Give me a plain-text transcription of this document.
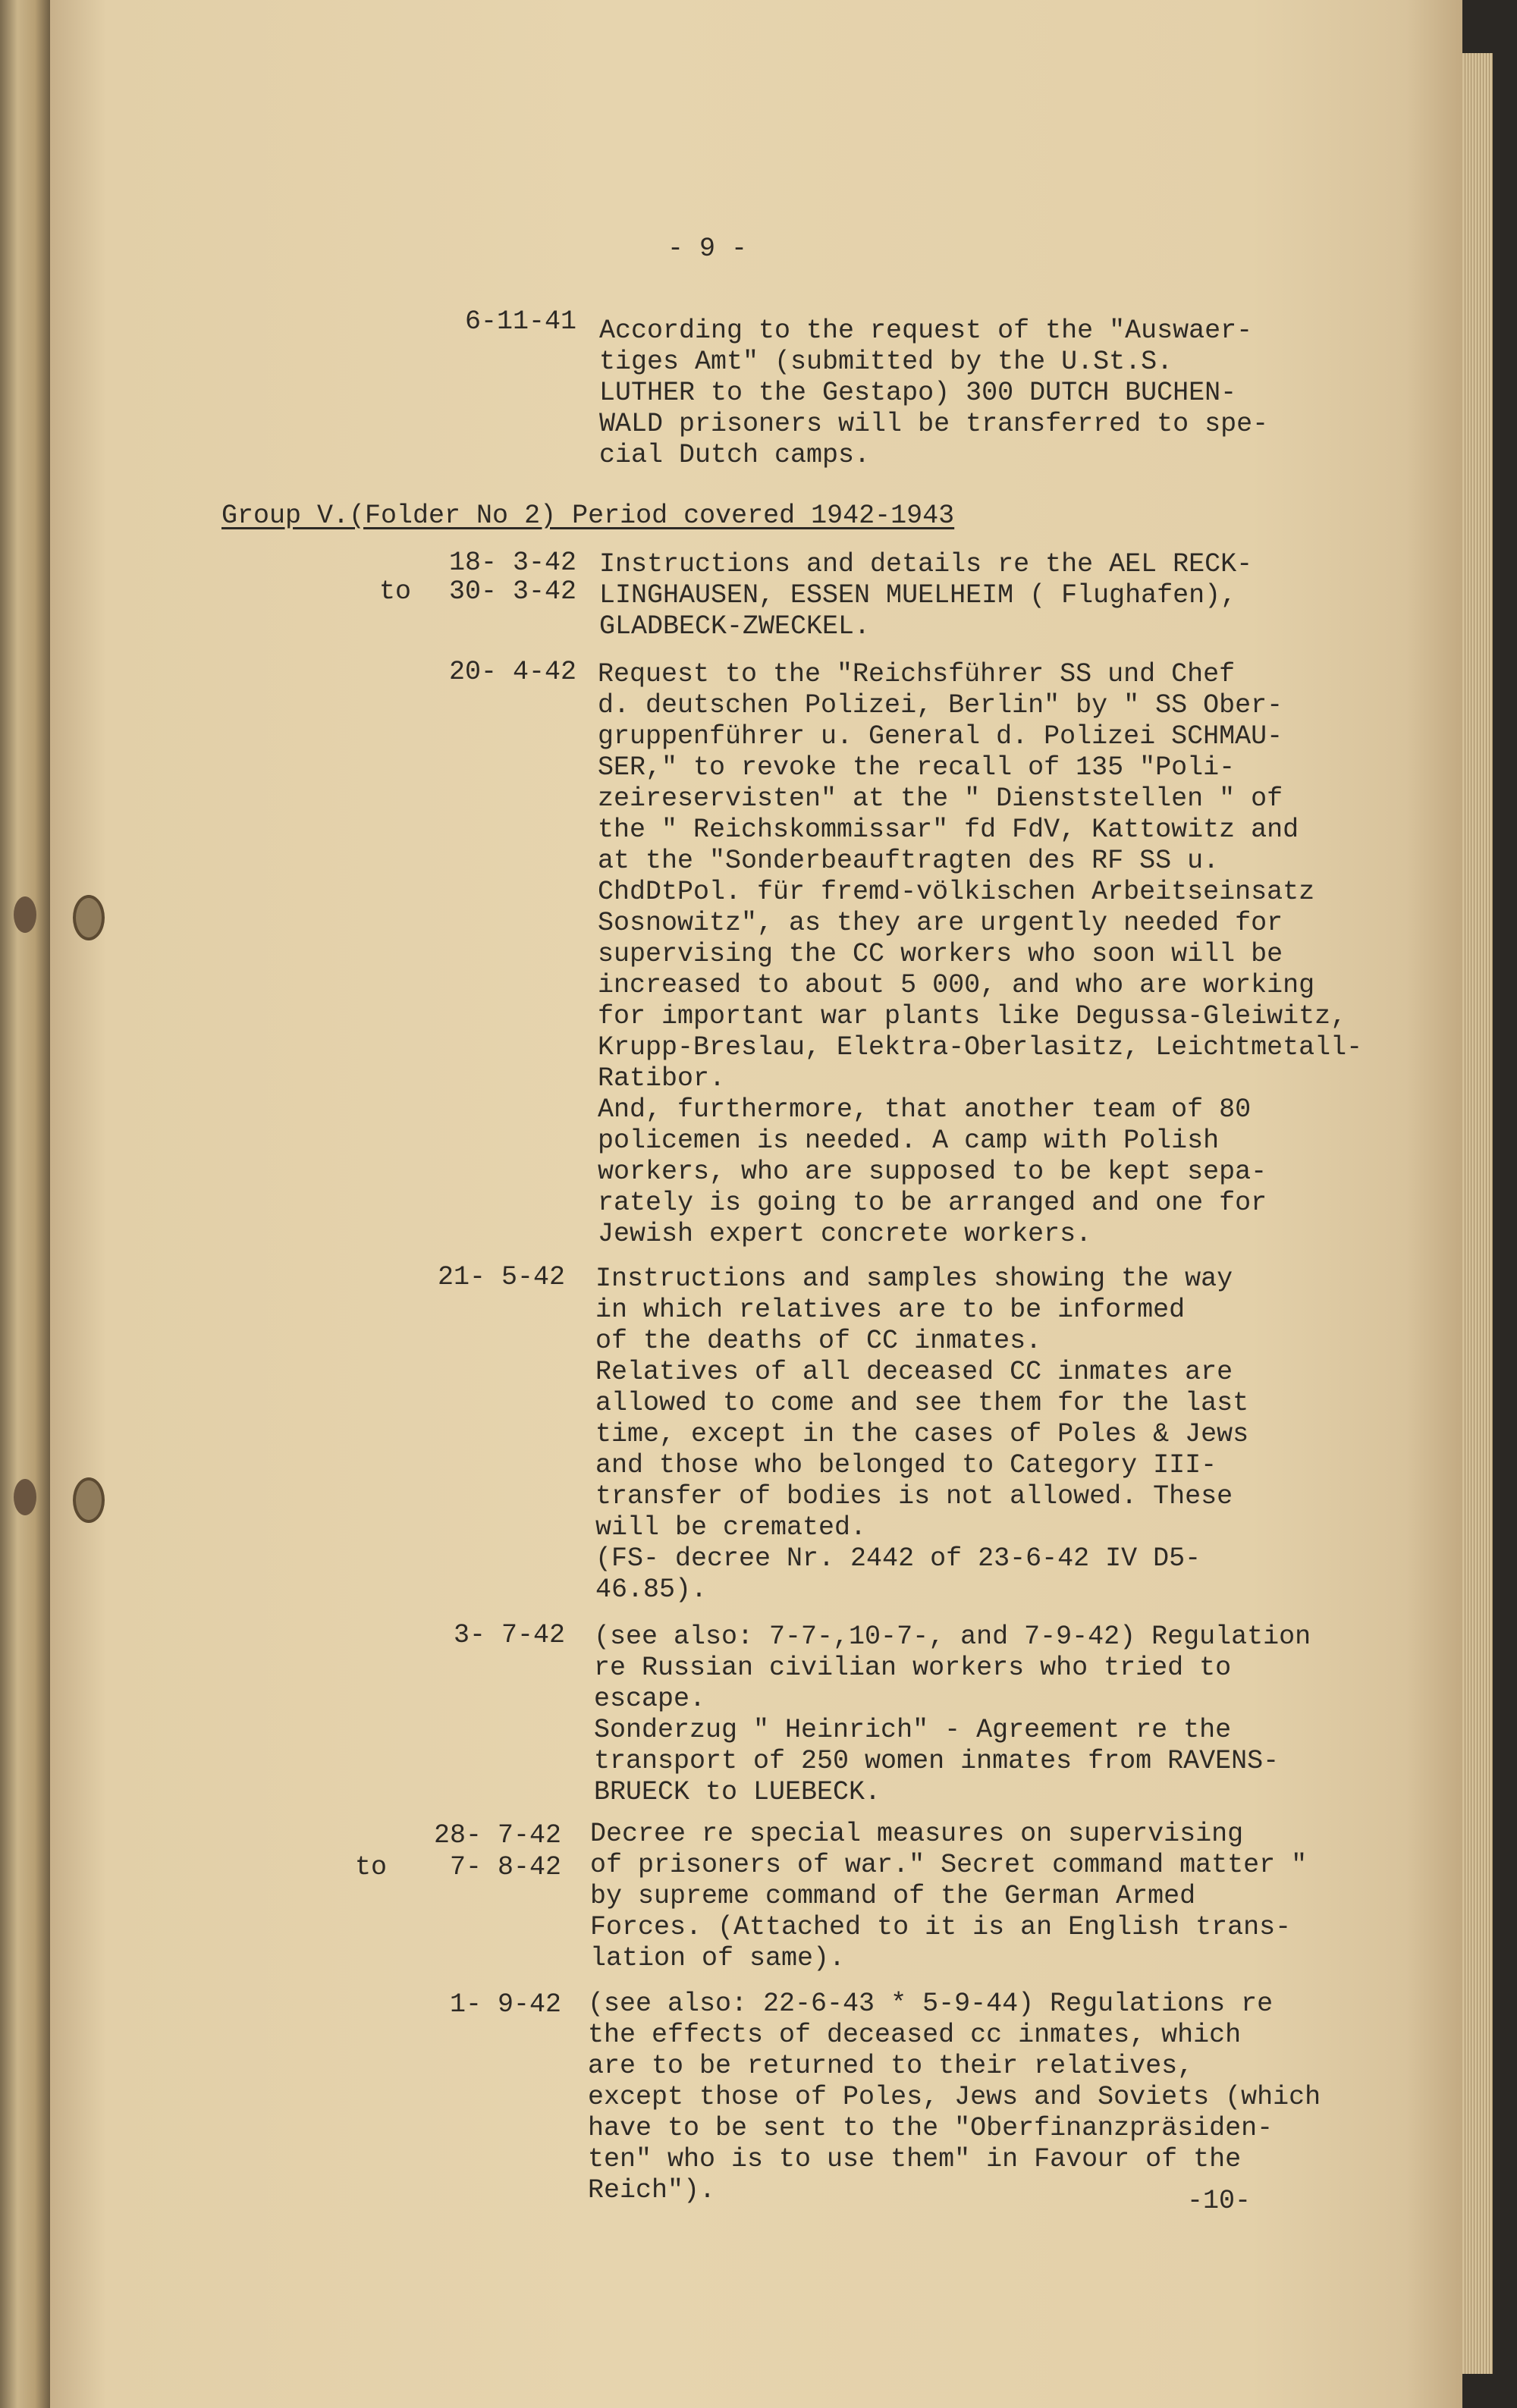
- 9 -
6-11-41 According to the request of the "Auswaer-
tiges Amt" (submitted by the U.St.S.
LUTHER to the Gestapo) 300 DUTCH BUCHEN-
WALD prisoners will be transferred to spe-
cial Dutch camps.
Group V.(Folder No 2) Period covered 1942-1943
18- 3-42
to	30- 3-42
Instructions and details re the AEL RECK-
LINGHAUSEN, ESSEN MUELHEIM ( Flughafen),
GLADBECK-ZWECKEL.
20- 4-42 Request to the "Reichsführer SS und Chef
d. deutschen Polizei, Berlin" by " SS Ober-
gruppenführer u. General d. Polizei SCHMAU-
SER," to revoke the recall of 135 "Poli-
zeireservisten" at the " Dienststellen " of
the " Reichskommissar" fd FdV, Kattowitz and
at the "Sonderbeauftragten des RF SS u.
ChdDtPol. für fremd-völkischen Arbeitseinsatz
Sosnowitz", as they are urgently needed for
supervising the CC workers who soon will be
increased to about 5 000, and who are working
for important war plants like Degussa-Gleiwitz,
Krupp-Breslau, Elektra-Oberlasitz, Leichtmetall-
Ratibor.
And, furthermore, that another team of 80
policemen is needed. A camp with Polish
workers, who are supposed to be kept sepa-
rately is going to be arranged and one for
Jewish expert concrete workers.
21- 5-42 Instructions and samples showing the way
in which relatives are to be informed
of the deaths of CC inmates.
Relatives of all deceased CC inmates are
allowed to come and see them for the last
time, except in the cases of Poles & Jews
and those who belonged to Category III-
transfer of bodies is not allowed. These
will be cremated.
(FS- decree Nr. 2442 of 23-6-42 IV D5-
46.85).
3- 7-42 (see also: 7-7-,10-7-, and 7-9-42) Regulation
re Russian civilian workers who tried to
escape.
Sonderzug " Heinrich" - Agreement re the
transport of 250 women inmates from RAVENS-
BRUECK to LUEBECK.
28- 7-42
to	7- 8-42
Decree re special measures on supervising
of prisoners of war." Secret command matter "
by supreme command of the German Armed
Forces. (Attached to it is an English trans-
lation of same).
1- 9-42 (see also: 22-6-43 * 5-9-44) Regulations re
the effects of deceased cc inmates, which
are to be returned to their relatives,
except those of Poles, Jews and Soviets (which
have to be sent to the "Oberfinanzpräsiden-
ten" who is to use them" in Favour of the
Reich").	-10-
